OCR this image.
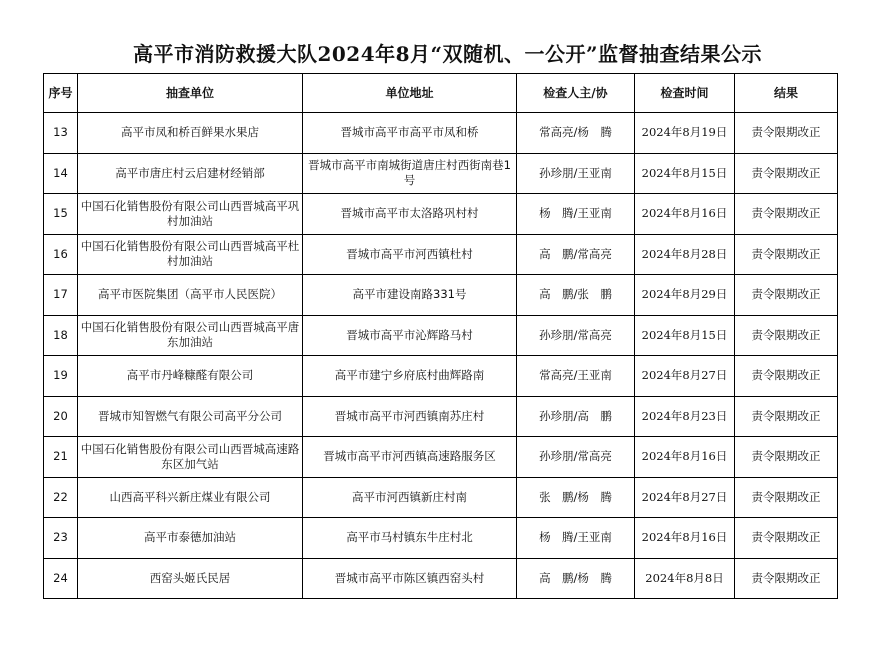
高平市消防救援大队2024年8月“双随机、一公开”监督抽查结果公示
序号	抽查单位	单位地址	检查人主/协	检查时间	结果
13	高平市凤和桥百鲜果水果店	晋城市高平市高平市凤和桥	常高亮/杨　腾	2024年8月19日	责令限期改正
14	高平市唐庄村云启建材经销部	晋城市高平市南城街道唐庄村西街南巷1号	孙珍朋/王亚南	2024年8月15日	责令限期改正
15	中国石化销售股份有限公司山西晋城高平巩村加油站	晋城市高平市太洛路巩村村	杨　腾/王亚南	2024年8月16日	责令限期改正
16	中国石化销售股份有限公司山西晋城高平杜村加油站	晋城市高平市河西镇杜村	高　鹏/常高亮	2024年8月28日	责令限期改正
17	高平市医院集团（高平市人民医院）	高平市建设南路331号	高　鹏/张　鹏	2024年8月29日	责令限期改正
18	中国石化销售股份有限公司山西晋城高平唐东加油站	晋城市高平市沁辉路马村	孙珍朋/常高亮	2024年8月15日	责令限期改正
19	高平市丹峰糠醛有限公司	高平市建宁乡府底村曲辉路南	常高亮/王亚南	2024年8月27日	责令限期改正
20	晋城市知智燃气有限公司高平分公司	晋城市高平市河西镇南苏庄村	孙珍朋/高　鹏	2024年8月23日	责令限期改正
21	中国石化销售股份有限公司山西晋城高速路东区加气站	晋城市高平市河西镇高速路服务区	孙珍朋/常高亮	2024年8月16日	责令限期改正
22	山西高平科兴新庄煤业有限公司	高平市河西镇新庄村南	张　鹏/杨　腾	2024年8月27日	责令限期改正
23	高平市泰德加油站	高平市马村镇东牛庄村北	杨　腾/王亚南	2024年8月16日	责令限期改正
24	西窑头姬氏民居	晋城市高平市陈区镇西窑头村	高　鹏/杨　腾	2024年8月8日	责令限期改正
